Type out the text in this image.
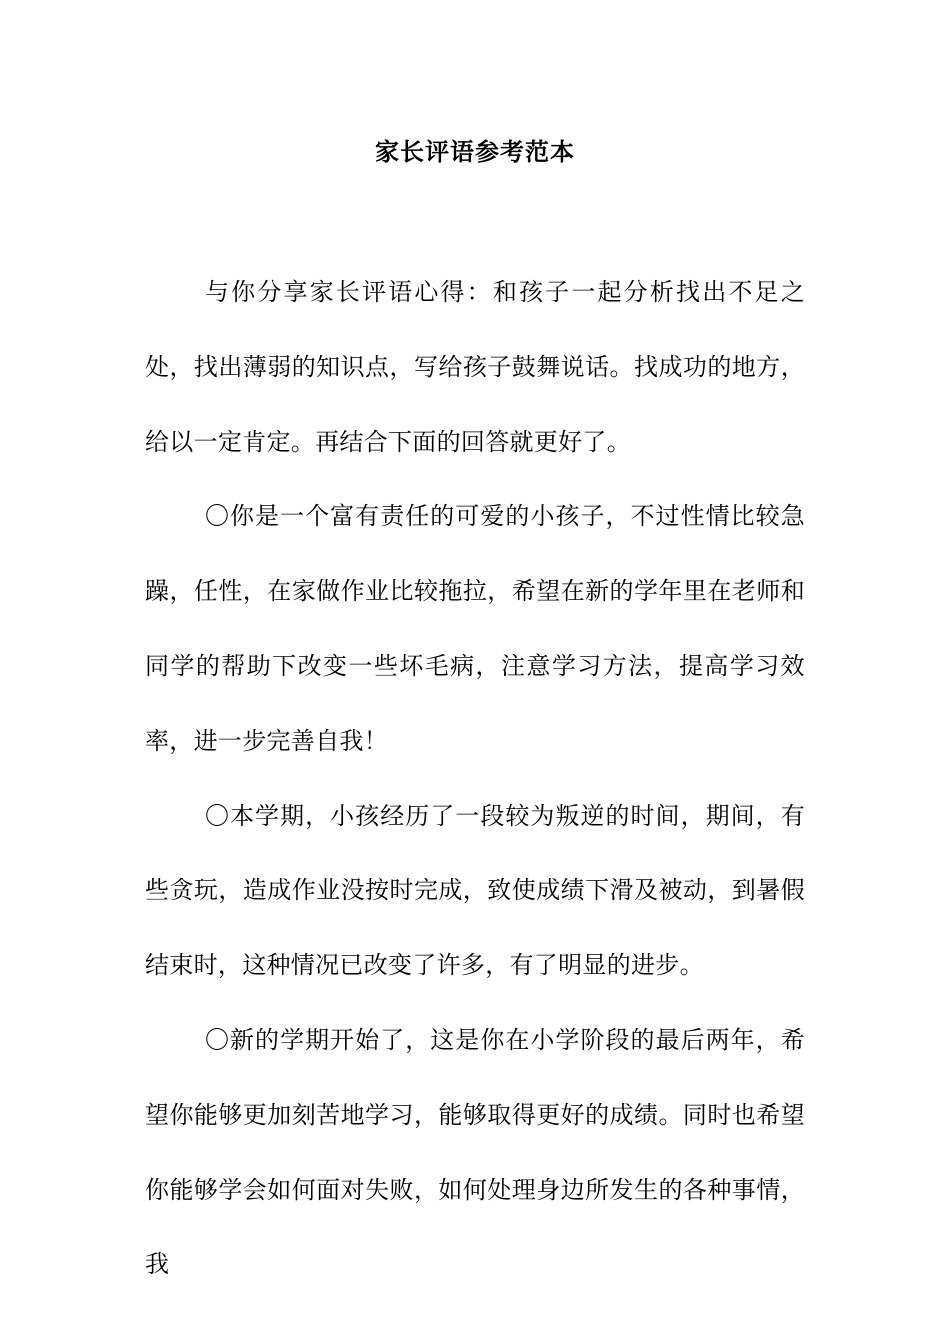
家长评语参考范本

与你分享家长评语心得：和孩子一起分析找出不足之处，找出薄弱的知识点，写给孩子鼓舞说话。找成功的地方，给以一定肯定。再结合下面的回答就更好了。

〇你是一个富有责任的可爱的小孩子，不过性情比较急躁，任性，在家做作业比较拖拉，希望在新的学年里在老师和同学的帮助下改变一些坏毛病，注意学习方法，提高学习效率，进一步完善自我！

〇本学期，小孩经历了一段较为叛逆的时间，期间，有些贪玩，造成作业没按时完成，致使成绩下滑及被动，到暑假结束时，这种情况已改变了许多，有了明显的进步。

〇新的学期开始了，这是你在小学阶段的最后两年，希望你能够更加刻苦地学习，能够取得更好的成绩。同时也希望你能够学会如何面对失败，如何处理身边所发生的各种事情，我
